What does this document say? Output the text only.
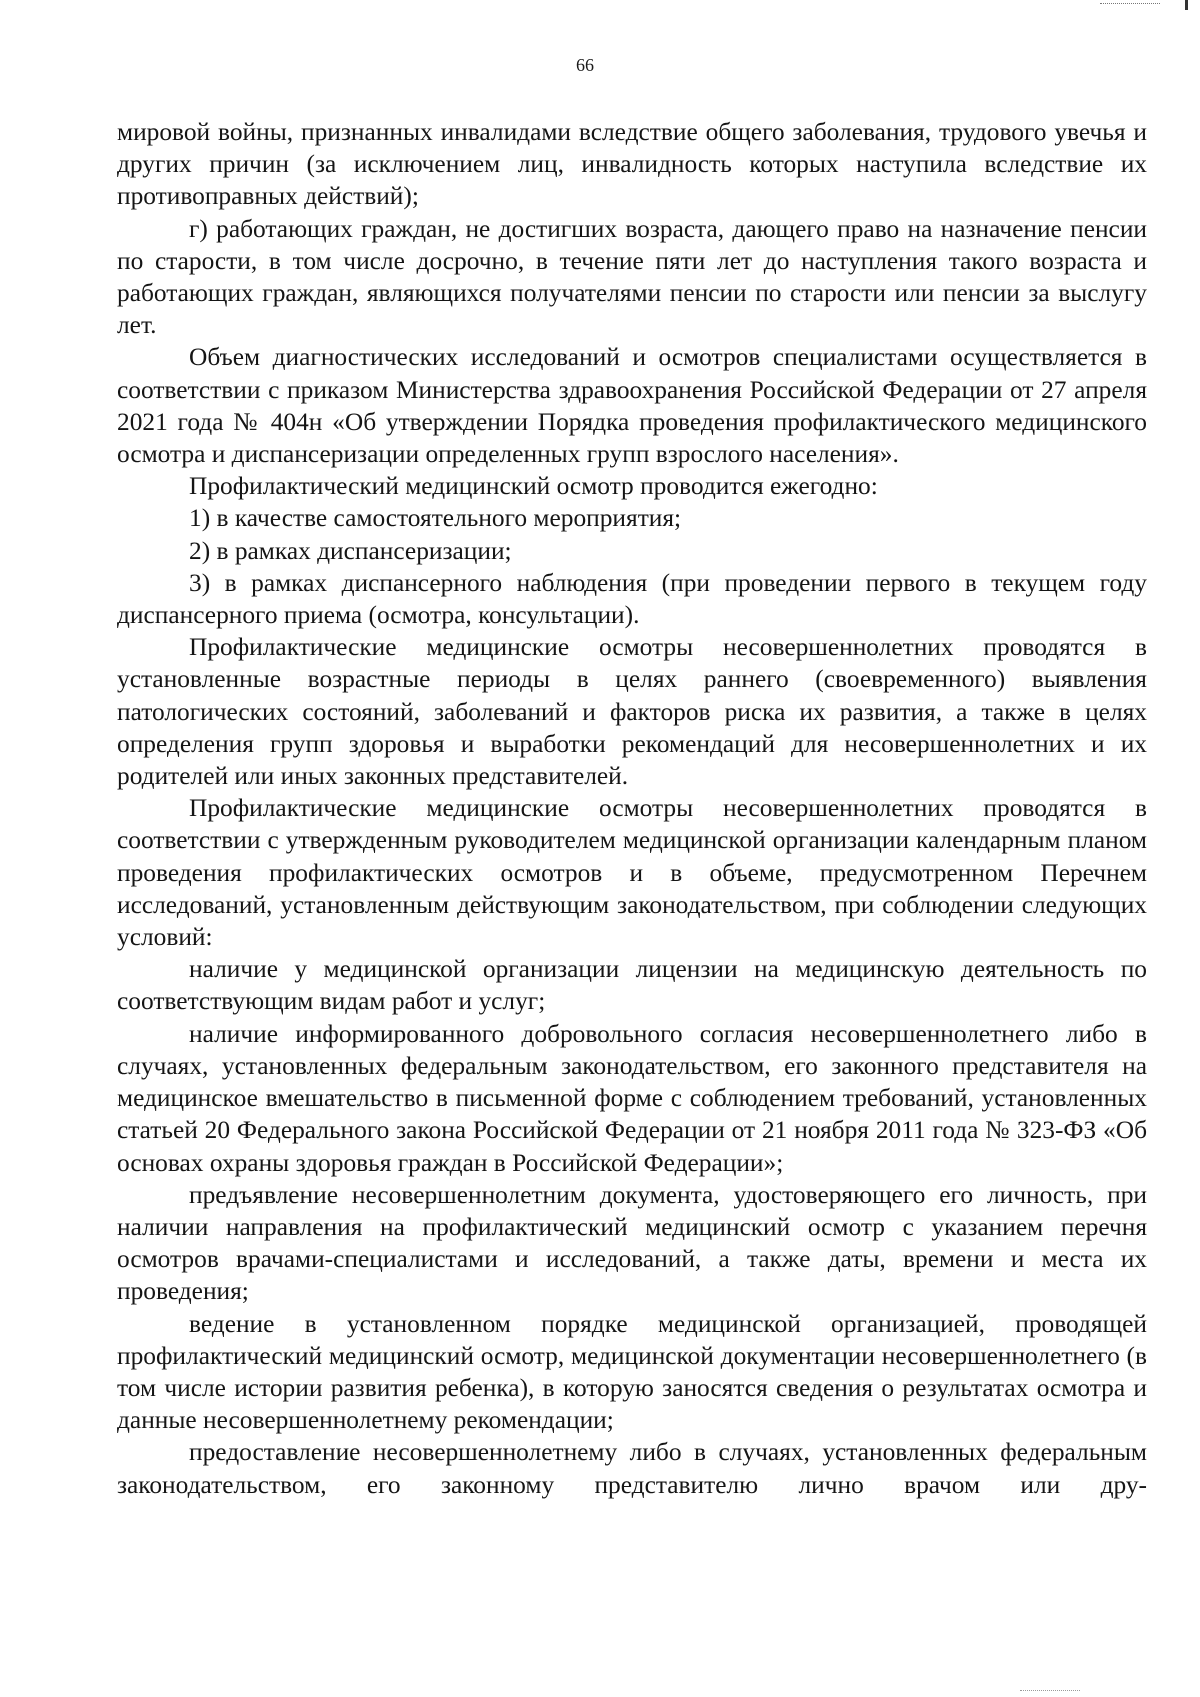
66

мировой войны, признанных инвалидами вследствие общего заболевания, трудового увечья и других причин (за исключением лиц, инвалидность которых наступила вследствие их противоправных действий);

г) работающих граждан, не достигших возраста, дающего право на назначение пенсии по старости, в том числе досрочно, в течение пяти лет до наступления такого возраста и работающих граждан, являющихся получателями пенсии по старости или пенсии за выслугу лет.

Объем диагностических исследований и осмотров специалистами осуществляется в соответствии с приказом Министерства здравоохранения Российской Федерации от 27 апреля 2021 года № 404н «Об утверждении Порядка проведения профилактического медицинского осмотра и диспансеризации определенных групп взрослого населения».

Профилактический медицинский осмотр проводится ежегодно:

1) в качестве самостоятельного мероприятия;

2) в рамках диспансеризации;

3) в рамках диспансерного наблюдения (при проведении первого в текущем году диспансерного приема (осмотра, консультации).

Профилактические медицинские осмотры несовершеннолетних проводятся в установленные возрастные периоды в целях раннего (своевременного) выявления патологических состояний, заболеваний и факторов риска их развития, а также в целях определения групп здоровья и выработки рекомендаций для несовершеннолетних и их родителей или иных законных представителей.

Профилактические медицинские осмотры несовершеннолетних проводятся в соответствии с утвержденным руководителем медицинской организации календарным планом проведения профилактических осмотров и в объеме, предусмотренном Перечнем исследований, установленным действующим законодательством, при соблюдении следующих условий:

наличие у медицинской организации лицензии на медицинскую деятельность по соответствующим видам работ и услуг;

наличие информированного добровольного согласия несовершеннолетнего либо в случаях, установленных федеральным законодательством, его законного представителя на медицинское вмешательство в письменной форме с соблюдением требований, установленных статьей 20 Федерального закона Российской Федерации от 21 ноября 2011 года № 323-ФЗ «Об основах охраны здоровья граждан в Российской Федерации»;

предъявление несовершеннолетним документа, удостоверяющего его личность, при наличии направления на профилактический медицинский осмотр с указанием перечня осмотров врачами-специалистами и исследований, а также даты, времени и места их проведения;

ведение в установленном порядке медицинской организацией, проводящей профилактический медицинский осмотр, медицинской документации несовершеннолетнего (в том числе истории развития ребенка), в которую заносятся сведения о результатах осмотра и данные несовершеннолетнему рекомендации;

предоставление несовершеннолетнему либо в случаях, установленных федеральным законодательством, его законному представителю лично врачом или дру-
